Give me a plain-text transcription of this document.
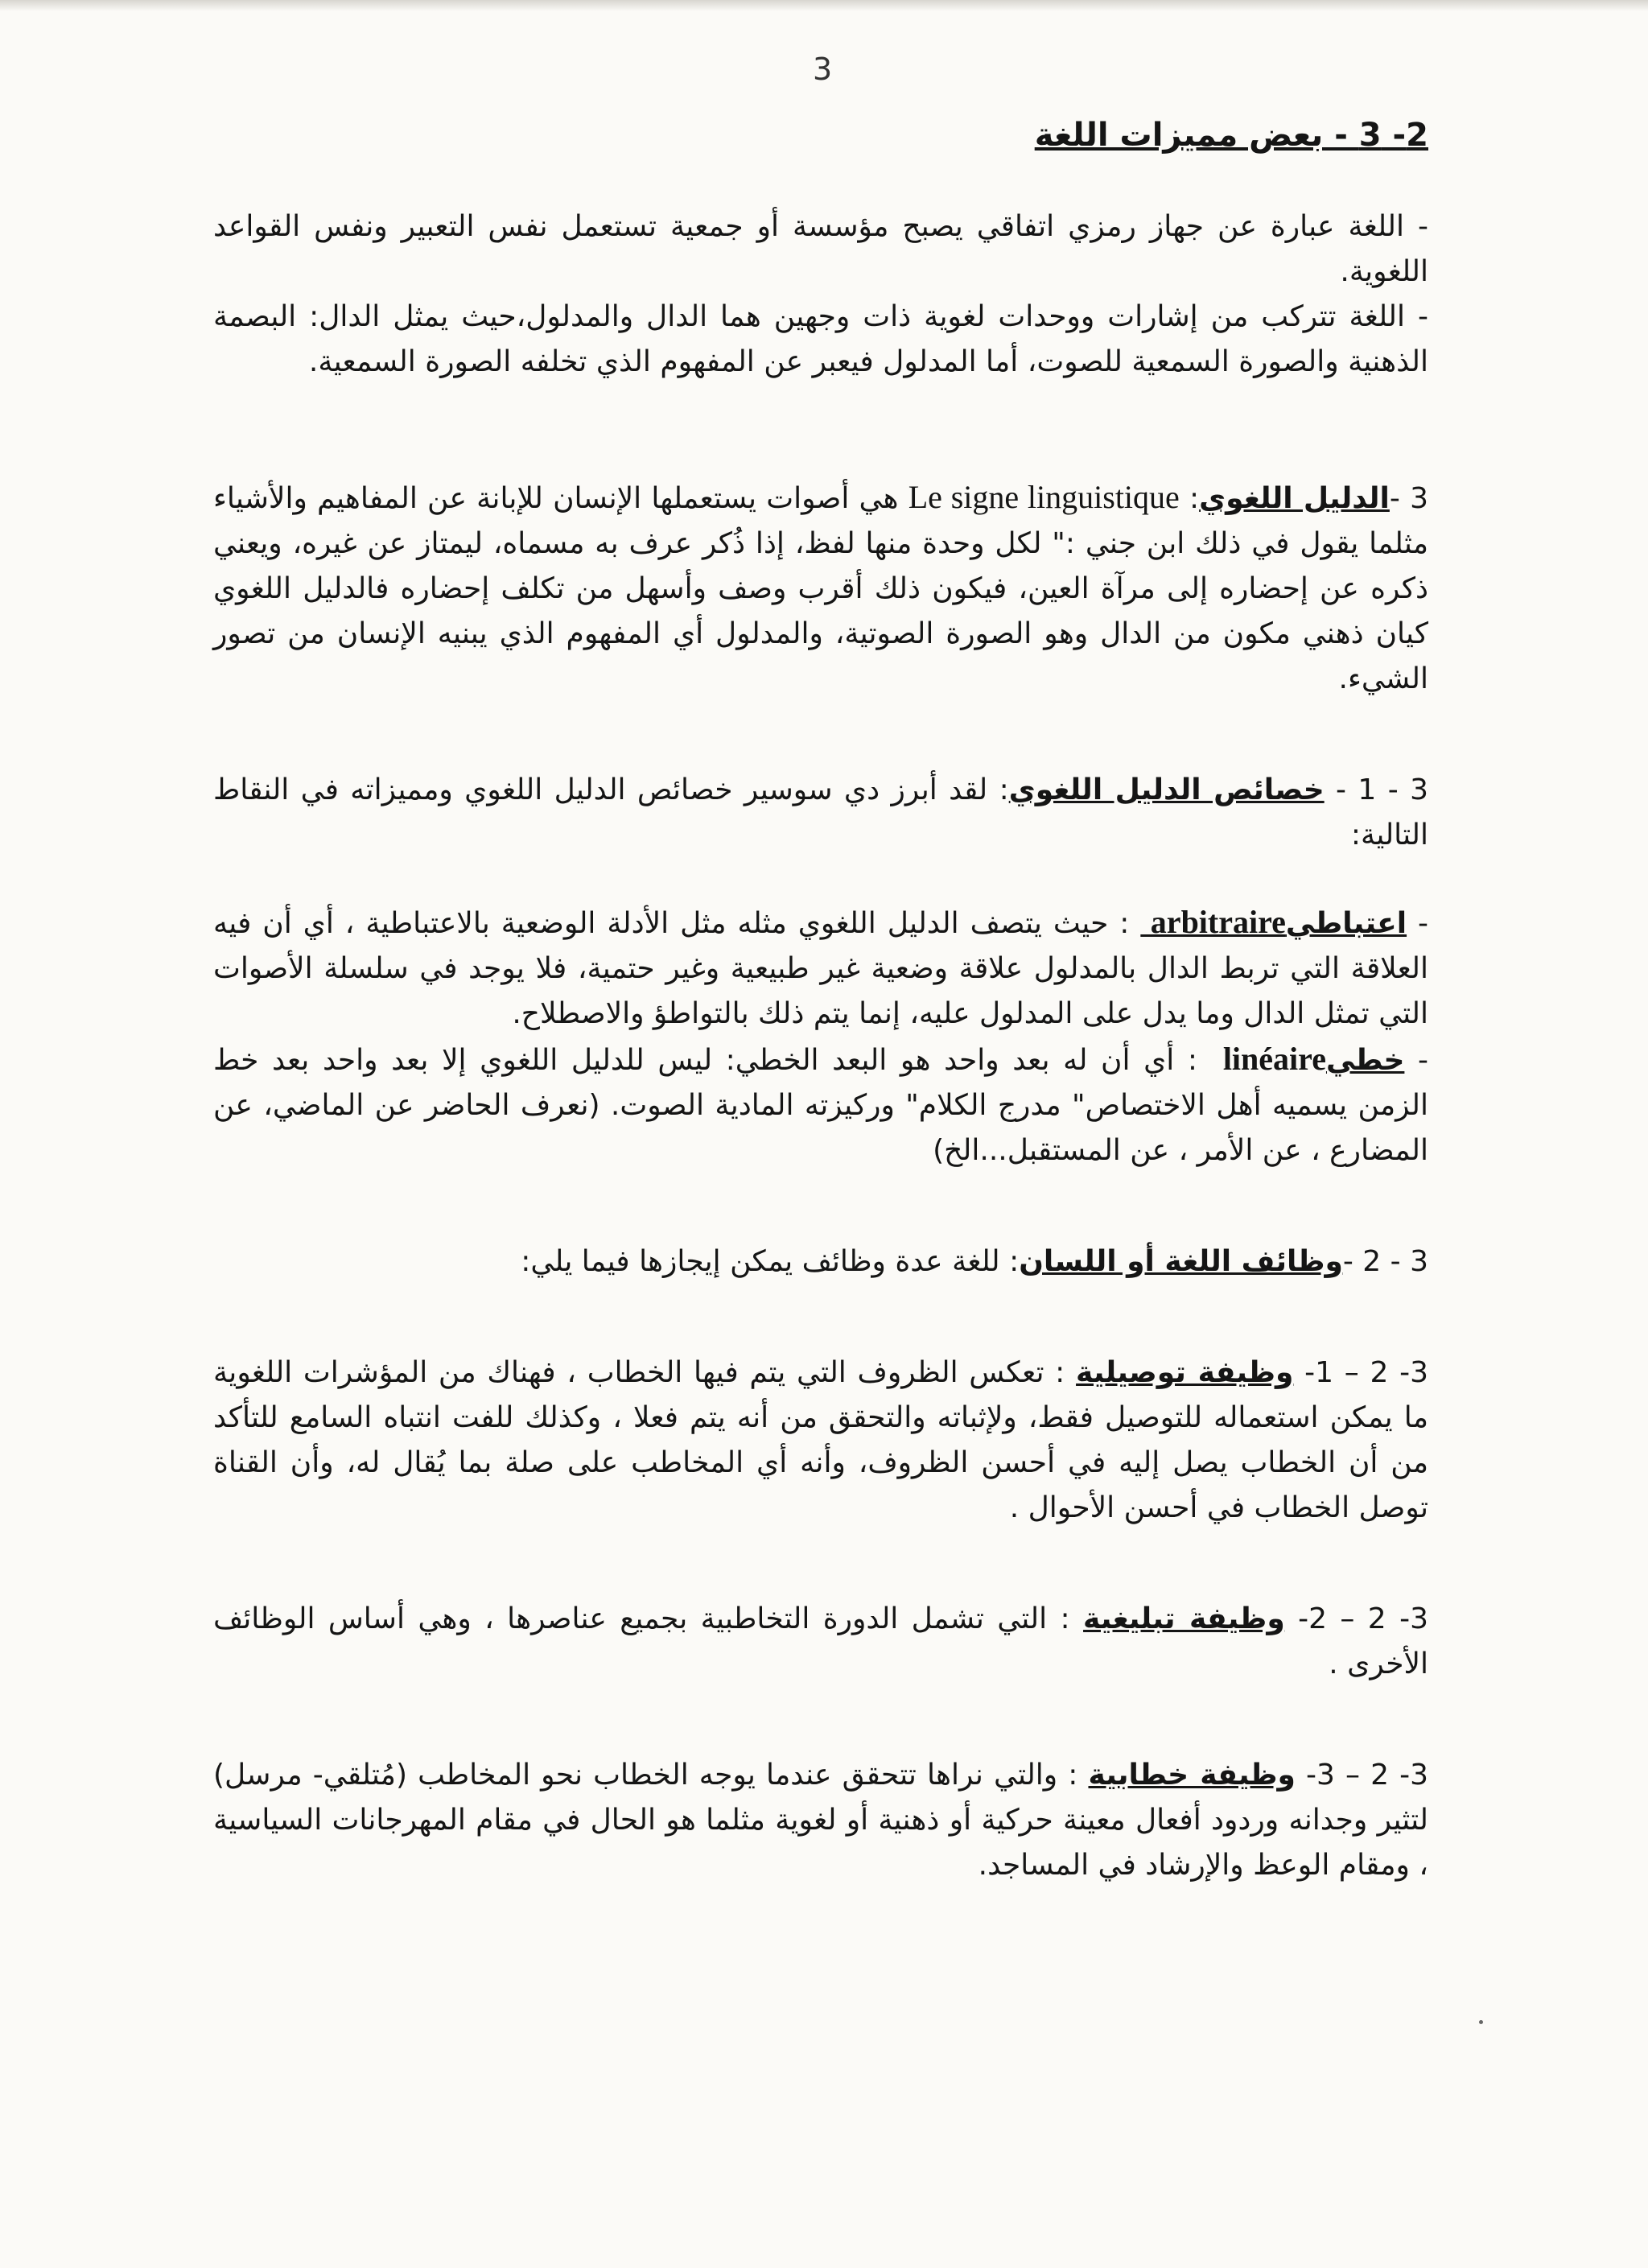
3
2- 3 - بعض مميزات اللغة

- اللغة عبارة عن جهاز رمزي اتفاقي يصبح مؤسسة أو جمعية تستعمل نفس التعبير ونفس القواعد اللغوية.

- اللغة تتركب من إشارات ووحدات لغوية ذات وجهين هما الدال والمدلول،حيث يمثل الدال: البصمة الذهنية والصورة السمعية للصوت، أما المدلول فيعبر عن المفهوم الذي تخلفه الصورة السمعية.

3 -الدليل اللغوي: Le signe linguistique هي أصوات يستعملها الإنسان للإبانة عن المفاهيم والأشياء مثلما يقول في ذلك ابن جني :" لكل وحدة منها لفظ، إذا ذُكر عرف به مسماه، ليمتاز عن غيره، ويعني ذكره عن إحضاره إلى مرآة العين، فيكون ذلك أقرب وصف وأسهل من تكلف إحضاره فالدليل اللغوي كيان ذهني مكون من الدال وهو الصورة الصوتية، والمدلول أي المفهوم الذي يبنيه الإنسان من تصور الشيء.

3 - 1 - خصائص الدليل اللغوي: لقد أبرز دي سوسير خصائص الدليل اللغوي ومميزاته في النقاط التالية:

- اعتباطي arbitraire : حيث يتصف الدليل اللغوي مثله مثل الأدلة الوضعية بالاعتباطية ، أي أن فيه العلاقة التي تربط الدال بالمدلول علاقة وضعية غير طبيعية وغير حتمية، فلا يوجد في سلسلة الأصوات التي تمثل الدال وما يدل على المدلول عليه، إنما يتم ذلك بالتواطؤ والاصطلاح.

- خطي linéaire : أي أن له بعد واحد هو البعد الخطي: ليس للدليل اللغوي إلا بعد واحد بعد خط الزمن يسميه أهل الاختصاص" مدرج الكلام" وركيزته المادية الصوت. (نعرف الحاضر عن الماضي، عن المضارع ، عن الأمر ، عن المستقبل...الخ)

3 - 2 -وظائف اللغة أو اللسان: للغة عدة وظائف يمكن إيجازها فيما يلي:

3- 2 – 1- وظيفة توصيلية : تعكس الظروف التي يتم فيها الخطاب ، فهناك من المؤشرات اللغوية ما يمكن استعماله للتوصيل فقط، ولإثباته والتحقق من أنه يتم فعلا ، وكذلك للفت انتباه السامع للتأكد من أن الخطاب يصل إليه في أحسن الظروف، وأنه أي المخاطب على صلة بما يُقال له، وأن القناة توصل الخطاب في أحسن الأحوال .

3- 2 – 2- وظيفة تبليغية : التي تشمل الدورة التخاطبية بجميع عناصرها ، وهي أساس الوظائف الأخرى .

3- 2 – 3- وظيفة خطابية : والتي نراها تتحقق عندما يوجه الخطاب نحو المخاطب (مُتلقي- مرسل) لتثير وجدانه وردود أفعال معينة حركية أو ذهنية أو لغوية مثلما هو الحال في مقام المهرجانات السياسية ، ومقام الوعظ والإرشاد في المساجد.
